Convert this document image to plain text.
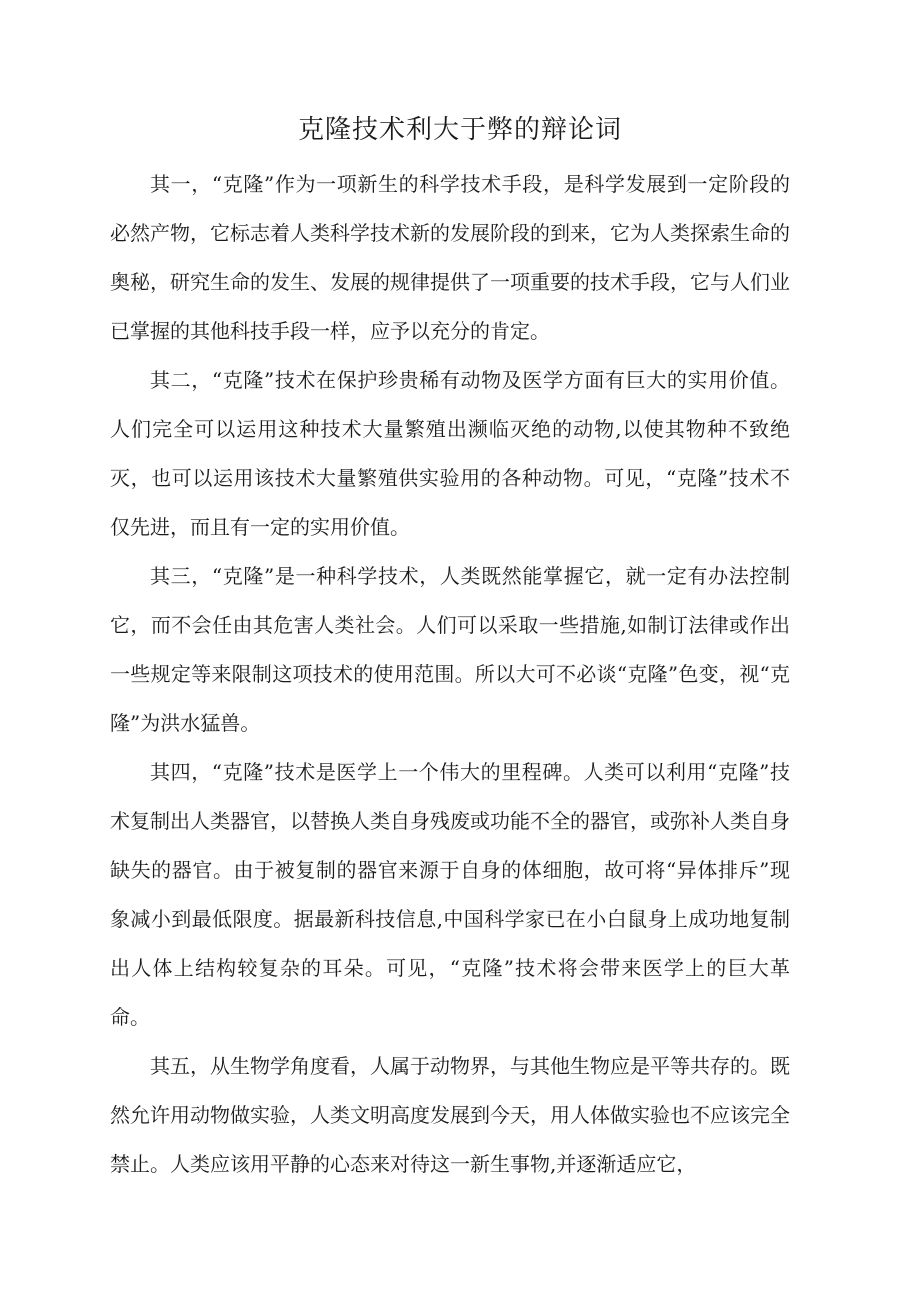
克隆技术利大于弊的辩论词

其一，“克隆”作为一项新生的科学技术手段，是科学发展到一定阶段的必然产物，它标志着人类科学技术新的发展阶段的到来，它为人类探索生命的奥秘，研究生命的发生、发展的规律提供了一项重要的技术手段，它与人们业已掌握的其他科技手段一样，应予以充分的肯定。

其二，“克隆”技术在保护珍贵稀有动物及医学方面有巨大的实用价值。人们完全可以运用这种技术大量繁殖出濒临灭绝的动物,以使其物种不致绝灭，也可以运用该技术大量繁殖供实验用的各种动物。可见，“克隆”技术不仅先进，而且有一定的实用价值。

其三，“克隆”是一种科学技术，人类既然能掌握它，就一定有办法控制它，而不会任由其危害人类社会。人们可以采取一些措施,如制订法律或作出一些规定等来限制这项技术的使用范围。所以大可不必谈“克隆”色变，视“克隆”为洪水猛兽。

其四，“克隆”技术是医学上一个伟大的里程碑。人类可以利用“克隆”技术复制出人类器官，以替换人类自身残废或功能不全的器官，或弥补人类自身缺失的器官。由于被复制的器官来源于自身的体细胞，故可将“异体排斥”现象减小到最低限度。据最新科技信息,中国科学家已在小白鼠身上成功地复制出人体上结构较复杂的耳朵。可见，“克隆”技术将会带来医学上的巨大革命。

其五，从生物学角度看，人属于动物界，与其他生物应是平等共存的。既然允许用动物做实验，人类文明高度发展到今天，用人体做实验也不应该完全禁止。人类应该用平静的心态来对待这一新生事物,并逐渐适应它，
